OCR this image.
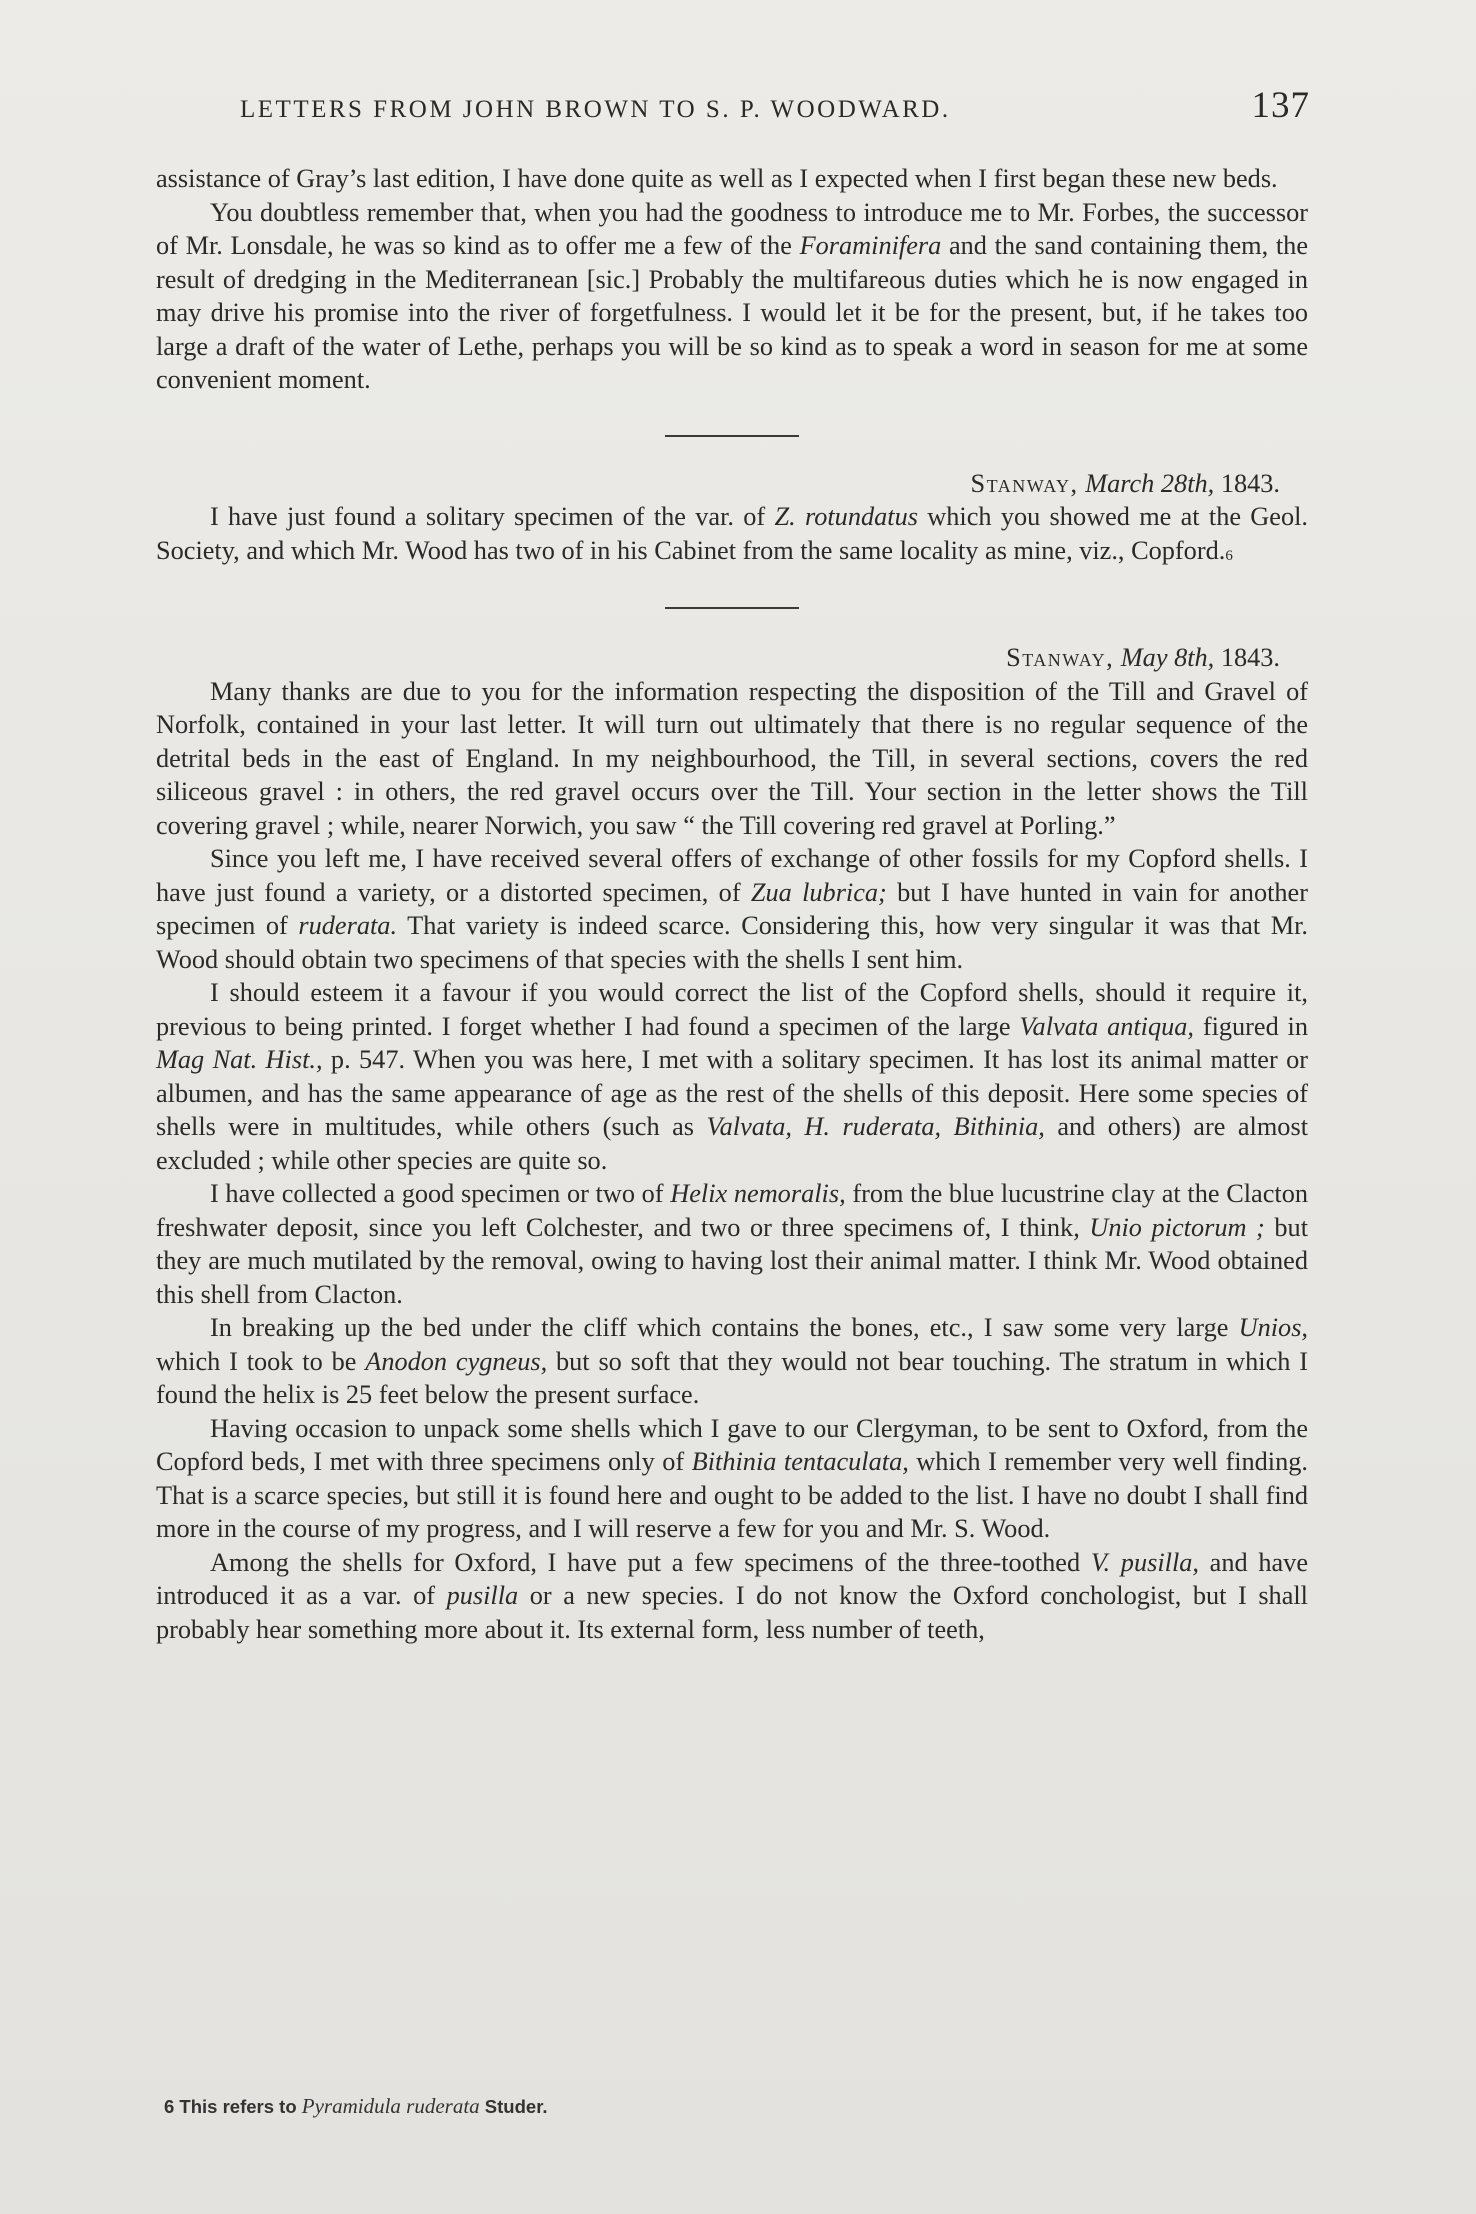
LETTERS FROM JOHN BROWN TO S. P. WOODWARD.	137

assistance of Gray’s last edition, I have done quite as well as I expected when I first began these new beds.

You doubtless remember that, when you had the goodness to introduce me to Mr. Forbes, the successor of Mr. Lonsdale, he was so kind as to offer me a few of the Foraminifera and the sand containing them, the result of dredging in the Mediterranean [sic.] Probably the multifareous duties which he is now engaged in may drive his promise into the river of forgetfulness. I would let it be for the present, but, if he takes too large a draft of the water of Lethe, perhaps you will be so kind as to speak a word in season for me at some convenient moment.

Stanway, March 28th, 1843.

I have just found a solitary specimen of the var. of Z. rotundatus which you showed me at the Geol. Society, and which Mr. Wood has two of in his Cabinet from the same locality as mine, viz., Copford.6

Stanway, May 8th, 1843.

Many thanks are due to you for the information respecting the disposition of the Till and Gravel of Norfolk, contained in your last letter. It will turn out ultimately that there is no regular sequence of the detrital beds in the east of England. In my neighbourhood, the Till, in several sections, covers the red siliceous gravel : in others, the red gravel occurs over the Till. Your section in the letter shows the Till covering gravel ; while, nearer Norwich, you saw “ the Till covering red gravel at Porling.”

Since you left me, I have received several offers of exchange of other fossils for my Copford shells. I have just found a variety, or a distorted specimen, of Zua lubrica; but I have hunted in vain for another specimen of ruderata. That variety is indeed scarce. Considering this, how very singular it was that Mr. Wood should obtain two specimens of that species with the shells I sent him.

I should esteem it a favour if you would correct the list of the Copford shells, should it require it, previous to being printed. I forget whether I had found a specimen of the large Valvata antiqua, figured in Mag Nat. Hist., p. 547. When you was here, I met with a solitary specimen. It has lost its animal matter or albumen, and has the same appearance of age as the rest of the shells of this deposit. Here some species of shells were in multitudes, while others (such as Valvata, H. ruderata, Bithinia, and others) are almost excluded ; while other species are quite so.

I have collected a good specimen or two of Helix nemoralis, from the blue lucustrine clay at the Clacton freshwater deposit, since you left Colchester, and two or three specimens of, I think, Unio pictorum ; but they are much mutilated by the removal, owing to having lost their animal matter. I think Mr. Wood obtained this shell from Clacton.

In breaking up the bed under the cliff which contains the bones, etc., I saw some very large Unios, which I took to be Anodon cygneus, but so soft that they would not bear touching. The stratum in which I found the helix is 25 feet below the present surface.

Having occasion to unpack some shells which I gave to our Clergyman, to be sent to Oxford, from the Copford beds, I met with three specimens only of Bithinia tentaculata, which I remember very well finding. That is a scarce species, but still it is found here and ought to be added to the list. I have no doubt I shall find more in the course of my progress, and I will reserve a few for you and Mr. S. Wood.

Among the shells for Oxford, I have put a few specimens of the three-toothed V. pusilla, and have introduced it as a var. of pusilla or a new species. I do not know the Oxford conchologist, but I shall probably hear something more about it. Its external form, less number of teeth,

6 This refers to Pyramidula ruderata Studer.
